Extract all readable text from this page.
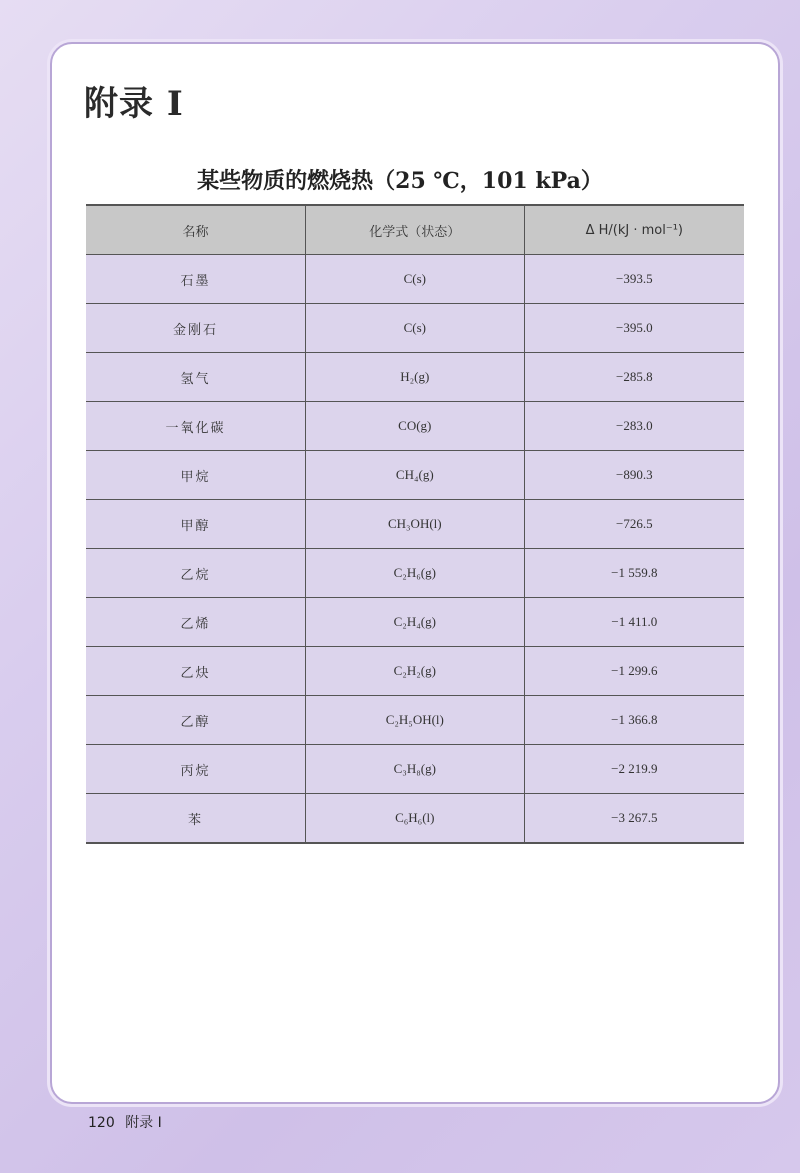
附录 I
某些物质的燃烧热（25 ℃，101 kPa）
名称	化学式（状态）	Δ H/(kJ · mol⁻¹)
石墨	C(s)	−393.5
金刚石	C(s)	−395.0
氢气	H₂(g)	−285.8
一氧化碳	CO(g)	−283.0
甲烷	CH₄(g)	−890.3
甲醇	CH₃OH(l)	−726.5
乙烷	C₂H₆(g)	−1 559.8
乙烯	C₂H₄(g)	−1 411.0
乙炔	C₂H₂(g)	−1 299.6
乙醇	C₂H₅OH(l)	−1 366.8
丙烷	C₃H₈(g)	−2 219.9
苯	C₆H₆(l)	−3 267.5
120 附录 I
